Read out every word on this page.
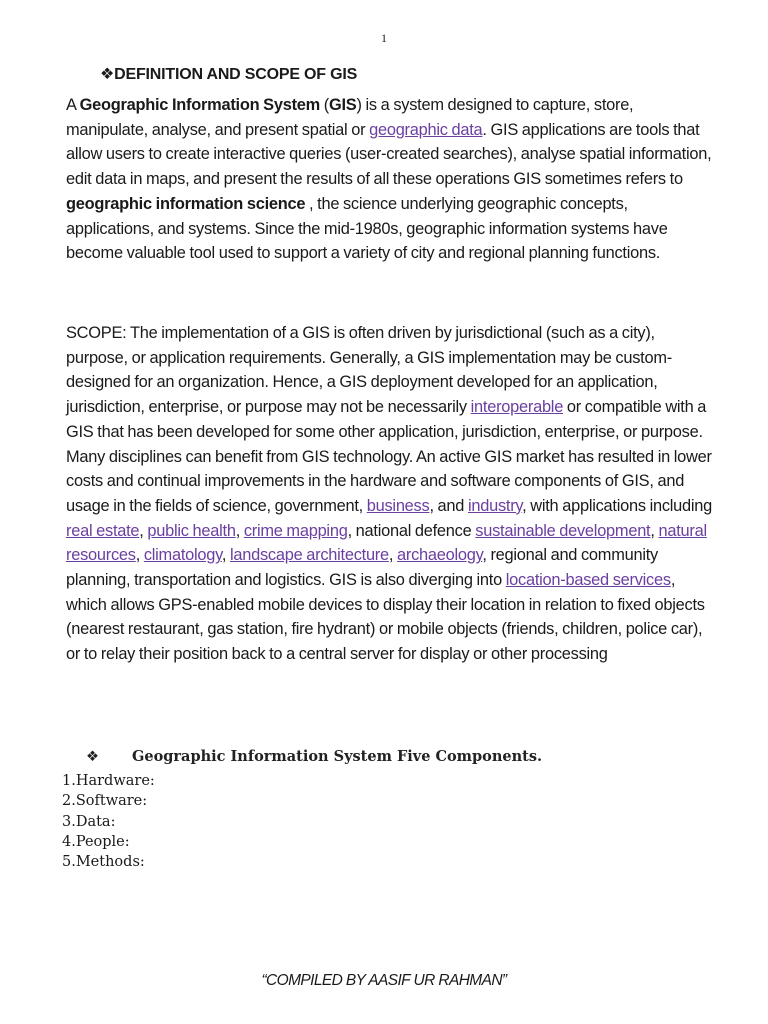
1
❖DEFINITION AND SCOPE OF GIS
A Geographic Information System (GIS) is a system designed to capture, store, manipulate, analyse, and present spatial or geographic data. GIS applications are tools that allow users to create interactive queries (user-created searches), analyse spatial information, edit data in maps, and present the results of all these operations GIS sometimes refers to geographic information science , the science underlying geographic concepts, applications, and systems. Since the mid-1980s, geographic information systems have become valuable tool used to support a variety of city and regional planning functions.
SCOPE: The implementation of a GIS is often driven by jurisdictional (such as a city), purpose, or application requirements. Generally, a GIS implementation may be custom-designed for an organization. Hence, a GIS deployment developed for an application, jurisdiction, enterprise, or purpose may not be necessarily interoperable or compatible with a GIS that has been developed for some other application, jurisdiction, enterprise, or purpose. Many disciplines can benefit from GIS technology. An active GIS market has resulted in lower costs and continual improvements in the hardware and software components of GIS, and usage in the fields of science, government, business, and industry, with applications including real estate, public health, crime mapping, national defence sustainable development, natural resources, climatology, landscape architecture, archaeology, regional and community planning, transportation and logistics. GIS is also diverging into location-based services, which allows GPS-enabled mobile devices to display their location in relation to fixed objects (nearest restaurant, gas station, fire hydrant) or mobile objects (friends, children, police car), or to relay their position back to a central server for display or other processing
❖ Geographic Information System Five Components.
1.Hardware:
2.Software:
3.Data:
4.People:
5.Methods:
“COMPILED BY AASIF UR RAHMAN”
